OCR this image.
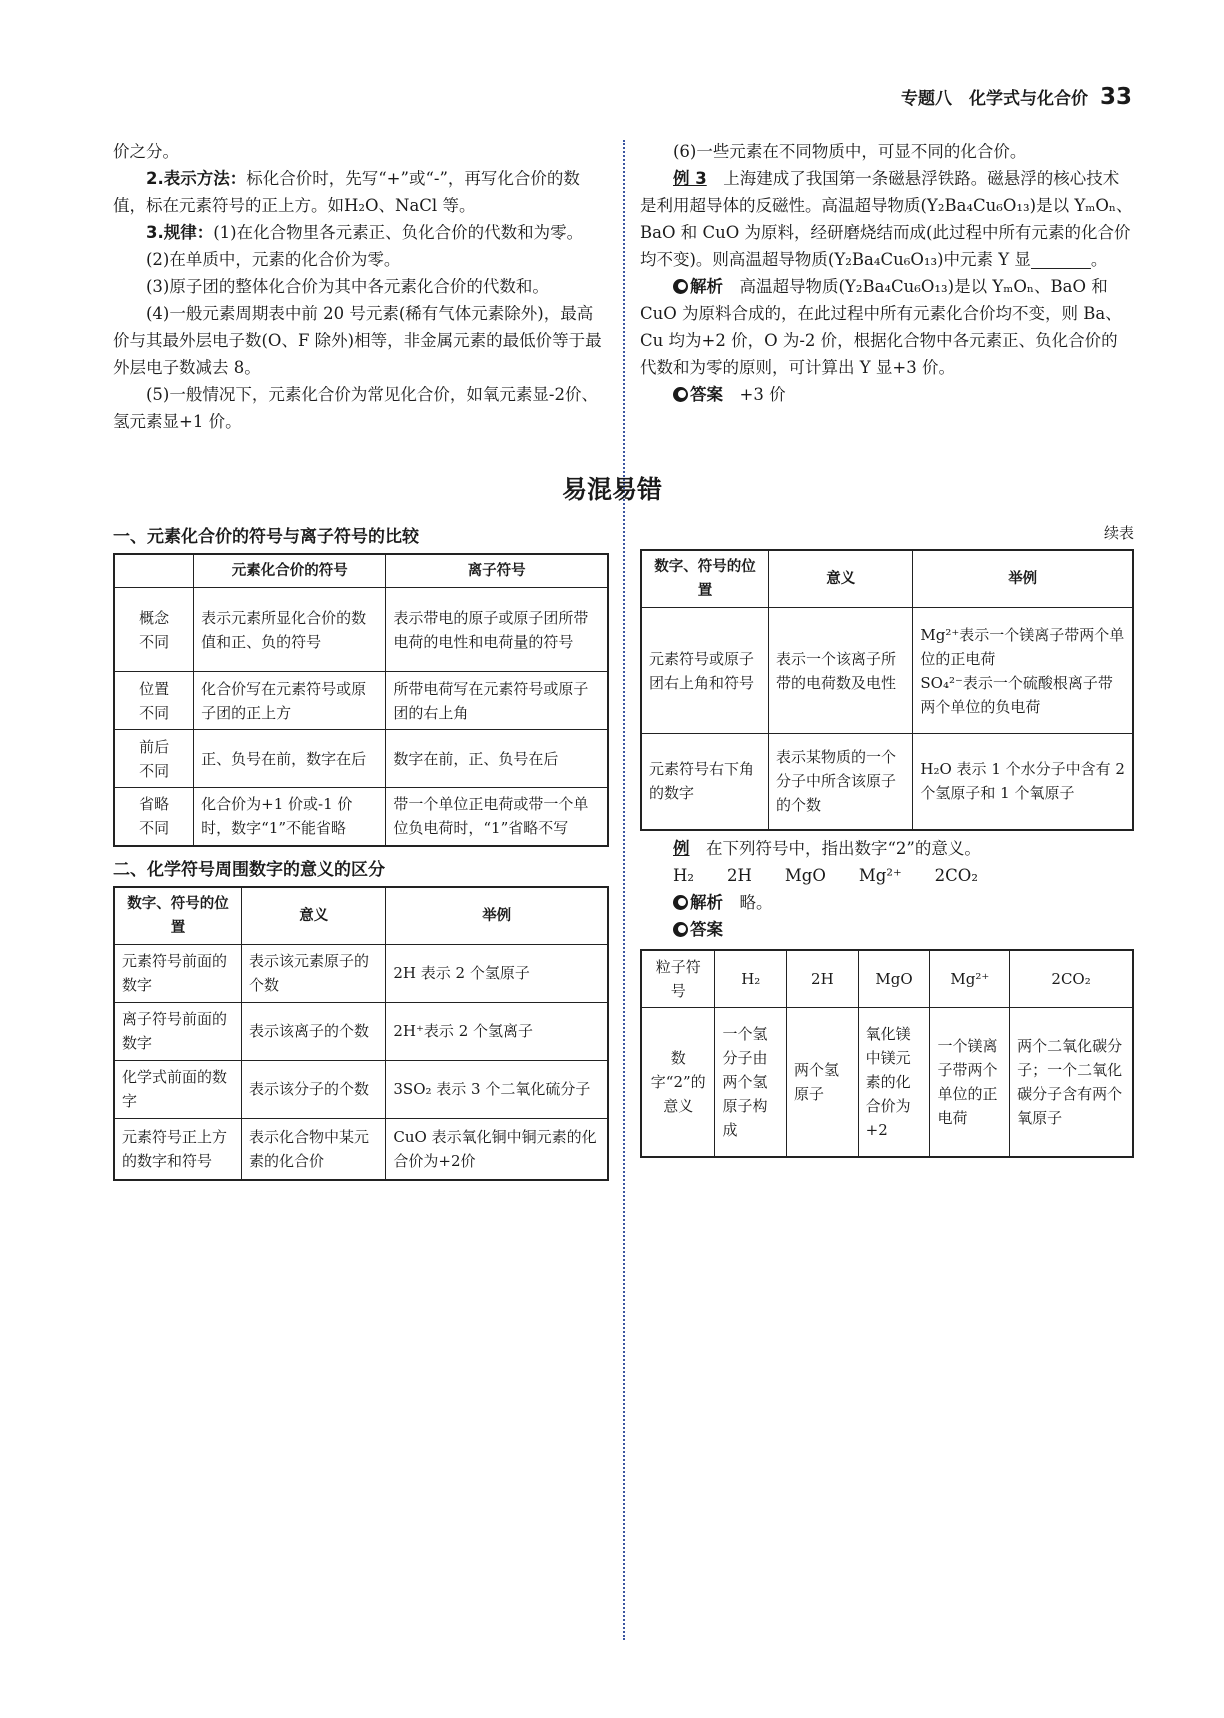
专题八　化学式与化合价 33

价之分。

2.表示方法：标化合价时，先写“+”或“-”，再写化合价的数值，标在元素符号的正上方。如H₂O、NaCl 等。

3.规律：(1)在化合物里各元素正、负化合价的代数和为零。

(2)在单质中，元素的化合价为零。

(3)原子团的整体化合价为其中各元素化合价的代数和。

(4)一般元素周期表中前 20 号元素(稀有气体元素除外)，最高价与其最外层电子数(O、F 除外)相等，非金属元素的最低价等于最外层电子数减去 8。

(5)一般情况下，元素化合价为常见化合价，如氧元素显-2价、氢元素显+1 价。

(6)一些元素在不同物质中，可显不同的化合价。

例 3　 上海建成了我国第一条磁悬浮铁路。磁悬浮的核心技术是利用超导体的反磁性。高温超导物质(Y₂Ba₄Cu₆O₁₃)是以 YₘOₙ、BaO 和 CuO 为原料，经研磨烧结而成(此过程中所有元素的化合价均不变)。则高温超导物质(Y₂Ba₄Cu₆O₁₃)中元素 Y 显	。

解析　 高温超导物质(Y₂Ba₄Cu₆O₁₃)是以 YₘOₙ、BaO 和 CuO 为原料合成的，在此过程中所有元素化合价均不变，则 Ba、Cu 均为+2 价，O 为-2 价，根据化合物中各元素正、负化合价的代数和为零的原则，可计算出 Y 显+3 价。

答案　 +3 价

易混易错
一、元素化合价的符号与离子符号的比较
	元素化合价的符号	离子符号
概念
不同	表示元素所显化合价的数值和正、负的符号	表示带电的原子或原子团所带电荷的电性和电荷量的符号
位置
不同	化合价写在元素符号或原子团的正上方	所带电荷写在元素符号或原子团的右上角
前后
不同	正、负号在前，数字在后	数字在前，正、负号在后
省略
不同	化合价为+1 价或-1 价时，数字“1”不能省略	带一个单位正电荷或带一个单位负电荷时，“1”省略不写
二、化学符号周围数字的意义的区分
数字、符号的位置	意义	举例
元素符号前面的数字	表示该元素原子的个数	2H 表示 2 个氢原子
离子符号前面的数字	表示该离子的个数	2H⁺表示 2 个氢离子
化学式前面的数字	表示该分子的个数	3SO₂ 表示 3 个二氧化硫分子
元素符号正上方的数字和符号	表示化合物中某元素的化合价	CuO 表示氧化铜中铜元素的化合价为+2价
续表
数字、符号的位置	意义	举例
元素符号或原子团右上角和符号	表示一个该离子所带的电荷数及电性	Mg²⁺表示一个镁离子带两个单位的正电荷
SO₄²⁻表示一个硫酸根离子带两个单位的负电荷
元素符号右下角的数字	表示某物质的一个分子中所含该原子的个数	H₂O 表示 1 个水分子中含有 2 个氢原子和 1 个氧原子

例　 在下列符号中，指出数字“2”的意义。

H₂　　 2H　　 MgO　　 Mg²⁺　　 2CO₂

解析　 略。

答案

粒子符号	H₂	2H	MgO	Mg²⁺	2CO₂
数字“2”的意义	一个氢分子由两个氢原子构成	两个氢原子	氧化镁中镁元素的化合价为+2	一个镁离子带两个单位的正电荷	两个二氧化碳分子；一个二氧化碳分子含有两个氧原子
